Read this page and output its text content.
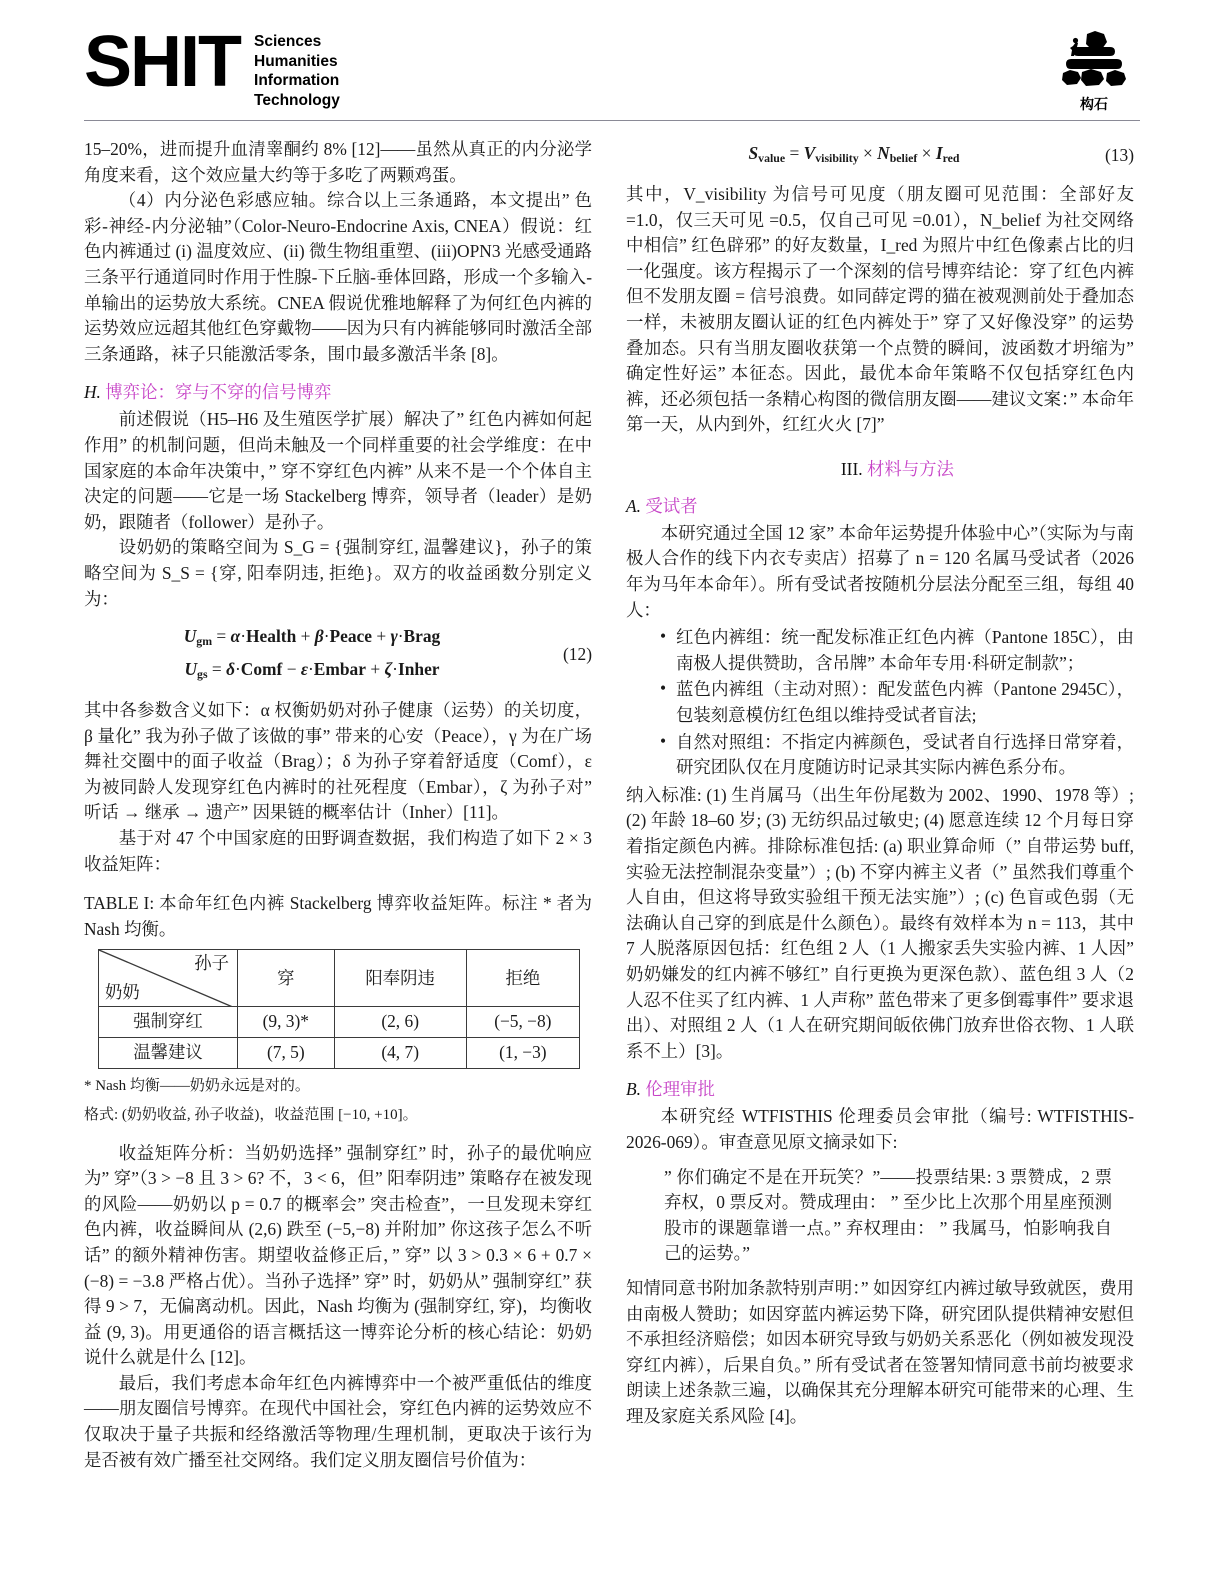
SHIT Sciences
Humanities
Information
Technology	构石

15–20%，进而提升血清睾酮约 8% [12]——虽然从真正的内分泌学角度来看，这个效应量大约等于多吃了两颗鸡蛋。

（4）内分泌色彩感应轴。综合以上三条通路，本文提出” 色彩-神经-内分泌轴”（Color-Neuro-Endocrine Axis, CNEA）假说：红色内裤通过 (i) 温度效应、(ii) 微生物组重塑、(iii)OPN3 光感受通路三条平行通道同时作用于性腺-下丘脑-垂体回路，形成一个多输入-单输出的运势放大系统。CNEA 假说优雅地解释了为何红色内裤的运势效应远超其他红色穿戴物——因为只有内裤能够同时激活全部三条通路，袜子只能激活零条，围巾最多激活半条 [8]。

H. 博弈论：穿与不穿的信号博弈

前述假说（H5–H6 及生殖医学扩展）解决了” 红色内裤如何起作用” 的机制问题，但尚未触及一个同样重要的社会学维度：在中国家庭的本命年决策中，” 穿不穿红色内裤” 从来不是一个个体自主决定的问题——它是一场 Stackelberg 博弈，领导者（leader）是奶奶，跟随者（follower）是孙子。

设奶奶的策略空间为 S_G = {强制穿红, 温馨建议}，孙子的策略空间为 S_S = {穿, 阳奉阴违, 拒绝}。双方的收益函数分别定义为：

$U_{gm}$ = α·Health + β·Peace + γ·Brag
$U_{gs}$ = δ·Comf − ε·Embar + ζ·Inher
(12)

其中各参数含义如下：α 权衡奶奶对孙子健康（运势）的关切度，β 量化” 我为孙子做了该做的事” 带来的心安（Peace），γ 为在广场舞社交圈中的面子收益（Brag）；δ 为孙子穿着舒适度（Comf），ε 为被同龄人发现穿红色内裤时的社死程度（Embar），ζ 为孙子对” 听话 → 继承 → 遗产” 因果链的概率估计（Inher）[11]。

基于对 47 个中国家庭的田野调查数据，我们构造了如下 2 × 3 收益矩阵：

TABLE I: 本命年红色内裤 Stackelberg 博弈收益矩阵。标注 * 者为 Nash 均衡。

孙子
奶奶	穿	阳奉阴违	拒绝
强制穿红	(9, 3)*	(2, 6)	(−5, −8)
温馨建议	(7, 5)	(4, 7)	(1, −3)

* Nash 均衡——奶奶永远是对的。

格式: (奶奶收益, 孙子收益)，收益范围 [−10, +10]。

收益矩阵分析：当奶奶选择” 强制穿红” 时，孙子的最优响应为” 穿”（3 > −8 且 3 > 6? 不，3 < 6，但” 阳奉阴违” 策略存在被发现的风险——奶奶以 p = 0.7 的概率会” 突击检查”，一旦发现未穿红色内裤，收益瞬间从 (2,6) 跌至 (−5,−8) 并附加” 你这孩子怎么不听话” 的额外精神伤害。期望收益修正后，” 穿” 以 3 > 0.3 × 6 + 0.7 × (−8) = −3.8 严格占优）。当孙子选择” 穿” 时，奶奶从” 强制穿红” 获得 9 > 7，无偏离动机。因此，Nash 均衡为 (强制穿红, 穿)，均衡收益 (9, 3)。用更通俗的语言概括这一博弈论分析的核心结论：奶奶说什么就是什么 [12]。

最后，我们考虑本命年红色内裤博弈中一个被严重低估的维度——朋友圈信号博弈。在现代中国社会，穿红色内裤的运势效应不仅取决于量子共振和经络激活等物理/生理机制，更取决于该行为是否被有效广播至社交网络。我们定义朋友圈信号价值为：

$S_{value} = V_{visibility} \times N_{belief} \times I_{red}$	(13)

其中，V_visibility 为信号可见度（朋友圈可见范围：全部好友 =1.0，仅三天可见 =0.5，仅自己可见 =0.01），N_belief 为社交网络中相信” 红色辟邪” 的好友数量，I_red 为照片中红色像素占比的归一化强度。该方程揭示了一个深刻的信号博弈结论：穿了红色内裤但不发朋友圈 = 信号浪费。如同薛定谔的猫在被观测前处于叠加态一样，未被朋友圈认证的红色内裤处于” 穿了又好像没穿” 的运势叠加态。只有当朋友圈收获第一个点赞的瞬间，波函数才坍缩为” 确定性好运” 本征态。因此，最优本命年策略不仅包括穿红色内裤，还必须包括一条精心构图的微信朋友圈——建议文案：” 本命年第一天，从内到外，红红火火 [7]”

III. 材料与方法

A. 受试者

本研究通过全国 12 家” 本命年运势提升体验中心”（实际为与南极人合作的线下内衣专卖店）招募了 n = 120 名属马受试者（2026 年为马年本命年）。所有受试者按随机分层法分配至三组，每组 40 人：

• 红色内裤组：统一配发标准正红色内裤（Pantone 185C），由南极人提供赞助，含吊牌” 本命年专用·科研定制款”；
• 蓝色内裤组（主动对照）：配发蓝色内裤（Pantone 2945C），包装刻意模仿红色组以维持受试者盲法;
• 自然对照组：不指定内裤颜色，受试者自行选择日常穿着，研究团队仅在月度随访时记录其实际内裤色系分布。

纳入标准: (1) 生肖属马（出生年份尾数为 2002、1990、1978 等）; (2) 年龄 18–60 岁; (3) 无纺织品过敏史; (4) 愿意连续 12 个月每日穿着指定颜色内裤。排除标准包括: (a) 职业算命师（” 自带运势 buff, 实验无法控制混杂变量”）; (b) 不穿内裤主义者（” 虽然我们尊重个人自由，但这将导致实验组干预无法实施”）; (c) 色盲或色弱（无法确认自己穿的到底是什么颜色）。最终有效样本为 n = 113，其中 7 人脱落原因包括：红色组 2 人（1 人搬家丢失实验内裤、1 人因” 奶奶嫌发的红内裤不够红” 自行更换为更深色款）、蓝色组 3 人（2 人忍不住买了红内裤、1 人声称” 蓝色带来了更多倒霉事件” 要求退出）、对照组 2 人（1 人在研究期间皈依佛门放弃世俗衣物、1 人联系不上）[3]。

B. 伦理审批

本研究经 WTFISTHIS 伦理委员会审批（编号: WTFISTHIS-2026-069）。审查意见原文摘录如下:

” 你们确定不是在开玩笑？”——投票结果: 3 票赞成，2 票弃权，0 票反对。赞成理由： ” 至少比上次那个用星座预测股市的课题靠谱一点。” 弃权理由： ” 我属马，怕影响我自己的运势。”

知情同意书附加条款特别声明：” 如因穿红内裤过敏导致就医，费用由南极人赞助；如因穿蓝内裤运势下降，研究团队提供精神安慰但不承担经济赔偿；如因本研究导致与奶奶关系恶化（例如被发现没穿红内裤），后果自负。” 所有受试者在签署知情同意书前均被要求朗读上述条款三遍，以确保其充分理解本研究可能带来的心理、生理及家庭关系风险 [4]。
